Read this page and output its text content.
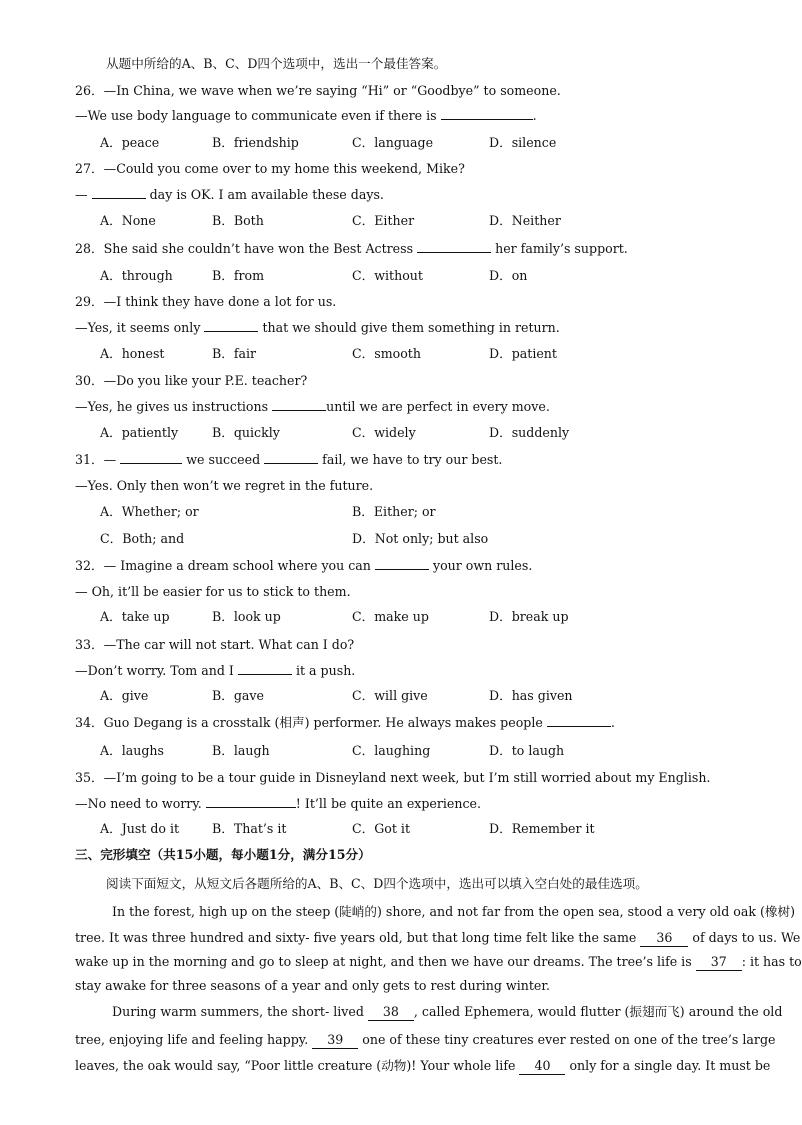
从题中所给的A、B、C、D四个选项中，选出一个最佳答案。
26．—In China, we wave when we’re saying “Hi” or “Goodbye” to someone.
—We use body language to communicate even if there is	.
A．peace	B．friendship	C．language	D．silence
27．—Could you come over to my home this weekend, Mike?
—	day is OK. I am available these days.
A．None	B．Both	C．Either	D．Neither
28．She said she couldn’t have won the Best Actress	her family’s support.
A．through	B．from	C．without	D．on
29．—I think they have done a lot for us.
—Yes, it seems only	that we should give them something in return.
A．honest	B．fair	C．smooth	D．patient
30．—Do you like your P.E. teacher?
—Yes, he gives us instructions	until we are perfect in every move.
A．patiently	B．quickly	C．widely	D．suddenly
31．—	we succeed	fail, we have to try our best.
—Yes. Only then won’t we regret in the future.
A．Whether; or	B．Either; or
C．Both; and	D．Not only; but also
32．— Imagine a dream school where you can	your own rules.
— Oh, it’ll be easier for us to stick to them.
A．take up	B．look up	C．make up	D．break up
33．—The car will not start. What can I do?
—Don’t worry. Tom and I	it a push.
A．give	B．gave	C．will give	D．has given
34．Guo Degang is a crosstalk (相声) performer. He always makes people	.
A．laughs	B．laugh	C．laughing	D．to laugh
35．—I’m going to be a tour guide in Disneyland next week, but I’m still worried about my English.
—No need to worry.	! It’ll be quite an experience.
A．Just do it	B．That’s it	C．Got it	D．Remember it
三、完形填空（共15小题，每小题1分，满分15分）
阅读下面短文，从短文后各题所给的A、B、C、D四个选项中，选出可以填入空白处的最佳选项。
In the forest, high up on the steep (陡峭的) shore, and not far from the open sea, stood a very old oak (橡树)
tree. It was three hundred and sixty- five years old, but that long time felt like the same 36 of days to us. We
wake up in the morning and go to sleep at night, and then we have our dreams. The tree’s life is 37 : it has to
stay awake for three seasons of a year and only gets to rest during winter.
During warm summers, the short- lived 38 , called Ephemera, would flutter (振翅而飞) around the old
tree, enjoying life and feeling happy. 39 one of these tiny creatures ever rested on one of the tree’s large
leaves, the oak would say, “Poor little creature (动物)! Your whole life 40 only for a single day. It must be
